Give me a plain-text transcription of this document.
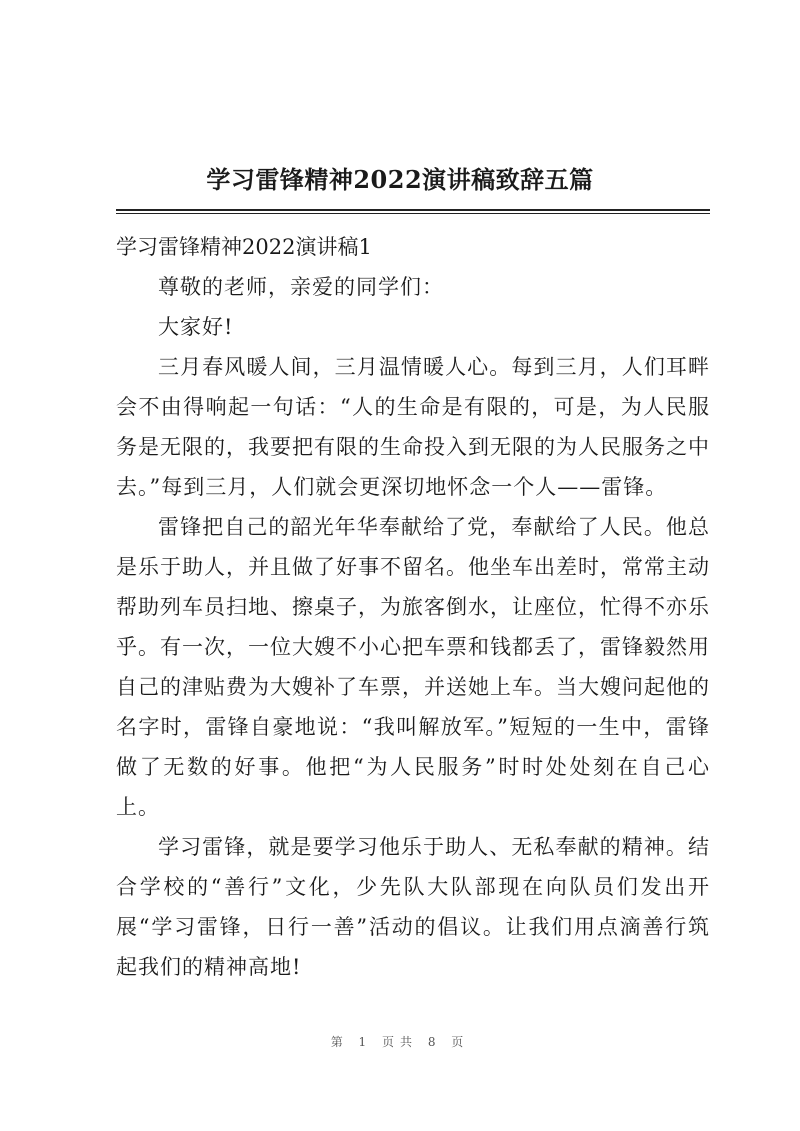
学习雷锋精神2022演讲稿致辞五篇

学习雷锋精神2022演讲稿1

尊敬的老师，亲爱的同学们：

大家好!

三月春风暖人间，三月温情暖人心。每到三月，人们耳畔会不由得响起一句话：“人的生命是有限的，可是，为人民服务是无限的，我要把有限的生命投入到无限的为人民服务之中去。”每到三月，人们就会更深切地怀念一个人——雷锋。

雷锋把自己的韶光年华奉献给了党，奉献给了人民。他总是乐于助人，并且做了好事不留名。他坐车出差时，常常主动帮助列车员扫地、擦桌子，为旅客倒水，让座位，忙得不亦乐乎。有一次，一位大嫂不小心把车票和钱都丢了，雷锋毅然用自己的津贴费为大嫂补了车票，并送她上车。当大嫂问起他的名字时，雷锋自豪地说：“我叫解放军。”短短的一生中，雷锋做了无数的好事。他把“为人民服务”时时处处刻在自己心上。

学习雷锋，就是要学习他乐于助人、无私奉献的精神。结合学校的“善行”文化，少先队大队部现在向队员们发出开展“学习雷锋，日行一善”活动的倡议。让我们用点滴善行筑起我们的精神高地!

第 1 页共 8 页
